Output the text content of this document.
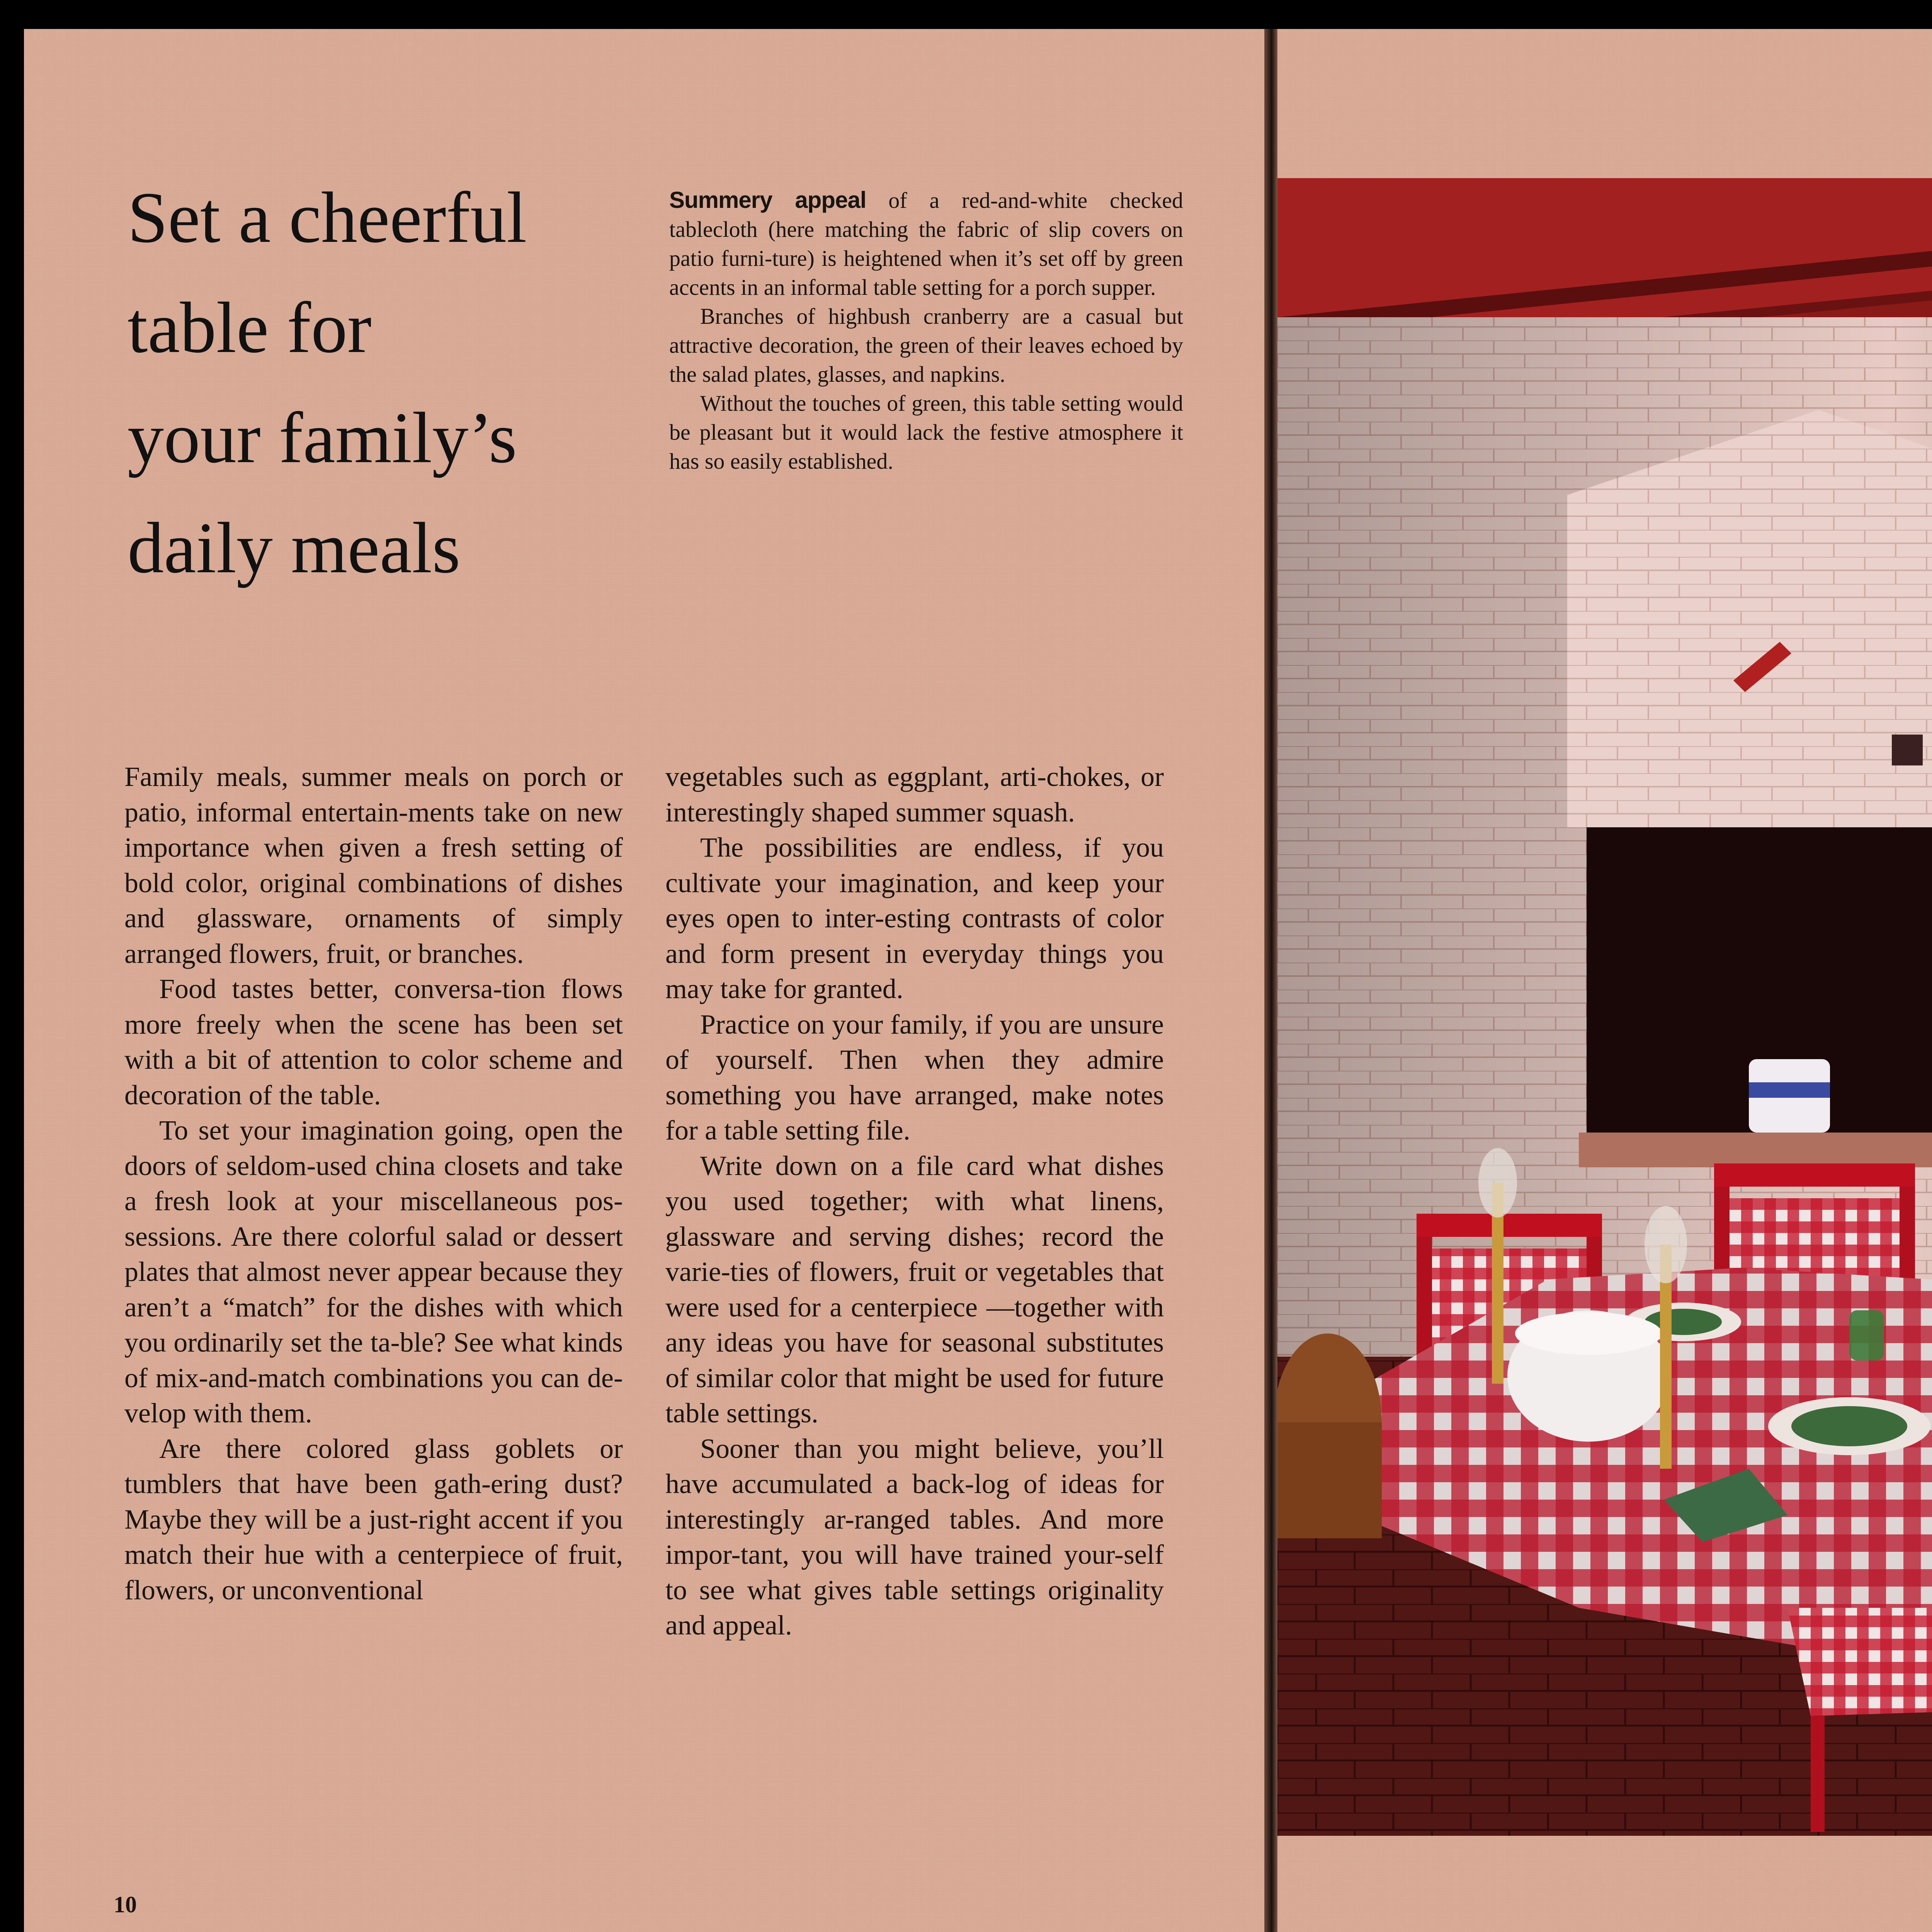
Set a cheerful
table for
your family’s
daily meals

Summery appeal of a red-and-white checked tablecloth (here matching the fabric of slip covers on patio furni-ture) is heightened when it’s set off by green accents in an informal table setting for a porch supper.

Branches of highbush cranberry are a casual but attractive decoration, the green of their leaves echoed by the salad plates, glasses, and napkins.

Without the touches of green, this table setting would be pleasant but it would lack the festive atmosphere it has so easily established.

Family meals, summer meals on porch or patio, informal entertain-ments take on new importance when given a fresh setting of bold color, original combinations of dishes and glassware, ornaments of simply arranged flowers, fruit, or branches.

Food tastes better, conversa-tion flows more freely when the scene has been set with a bit of attention to color scheme and decoration of the table.

To set your imagination going, open the doors of seldom-used china closets and take a fresh look at your miscellaneous pos-sessions. Are there colorful salad or dessert plates that almost never appear because they aren’t a “match” for the dishes with which you ordinarily set the ta-ble? See what kinds of mix-and-match combinations you can de-velop with them.

Are there colored glass goblets or tumblers that have been gath-ering dust? Maybe they will be a just-right accent if you match their hue with a centerpiece of fruit, flowers, or unconventional

vegetables such as eggplant, arti-chokes, or interestingly shaped summer squash.

The possibilities are endless, if you cultivate your imagination, and keep your eyes open to inter-esting contrasts of color and form present in everyday things you may take for granted.

Practice on your family, if you are unsure of yourself. Then when they admire something you have arranged, make notes for a table setting file.

Write down on a file card what dishes you used together; with what linens, glassware and serving dishes; record the varie-ties of flowers, fruit or vegetables that were used for a centerpiece —together with any ideas you have for seasonal substitutes of similar color that might be used for future table settings.

Sooner than you might believe, you’ll have accumulated a back-log of ideas for interestingly ar-ranged tables. And more impor-tant, you will have trained your-self to see what gives table settings originality and appeal.

10
